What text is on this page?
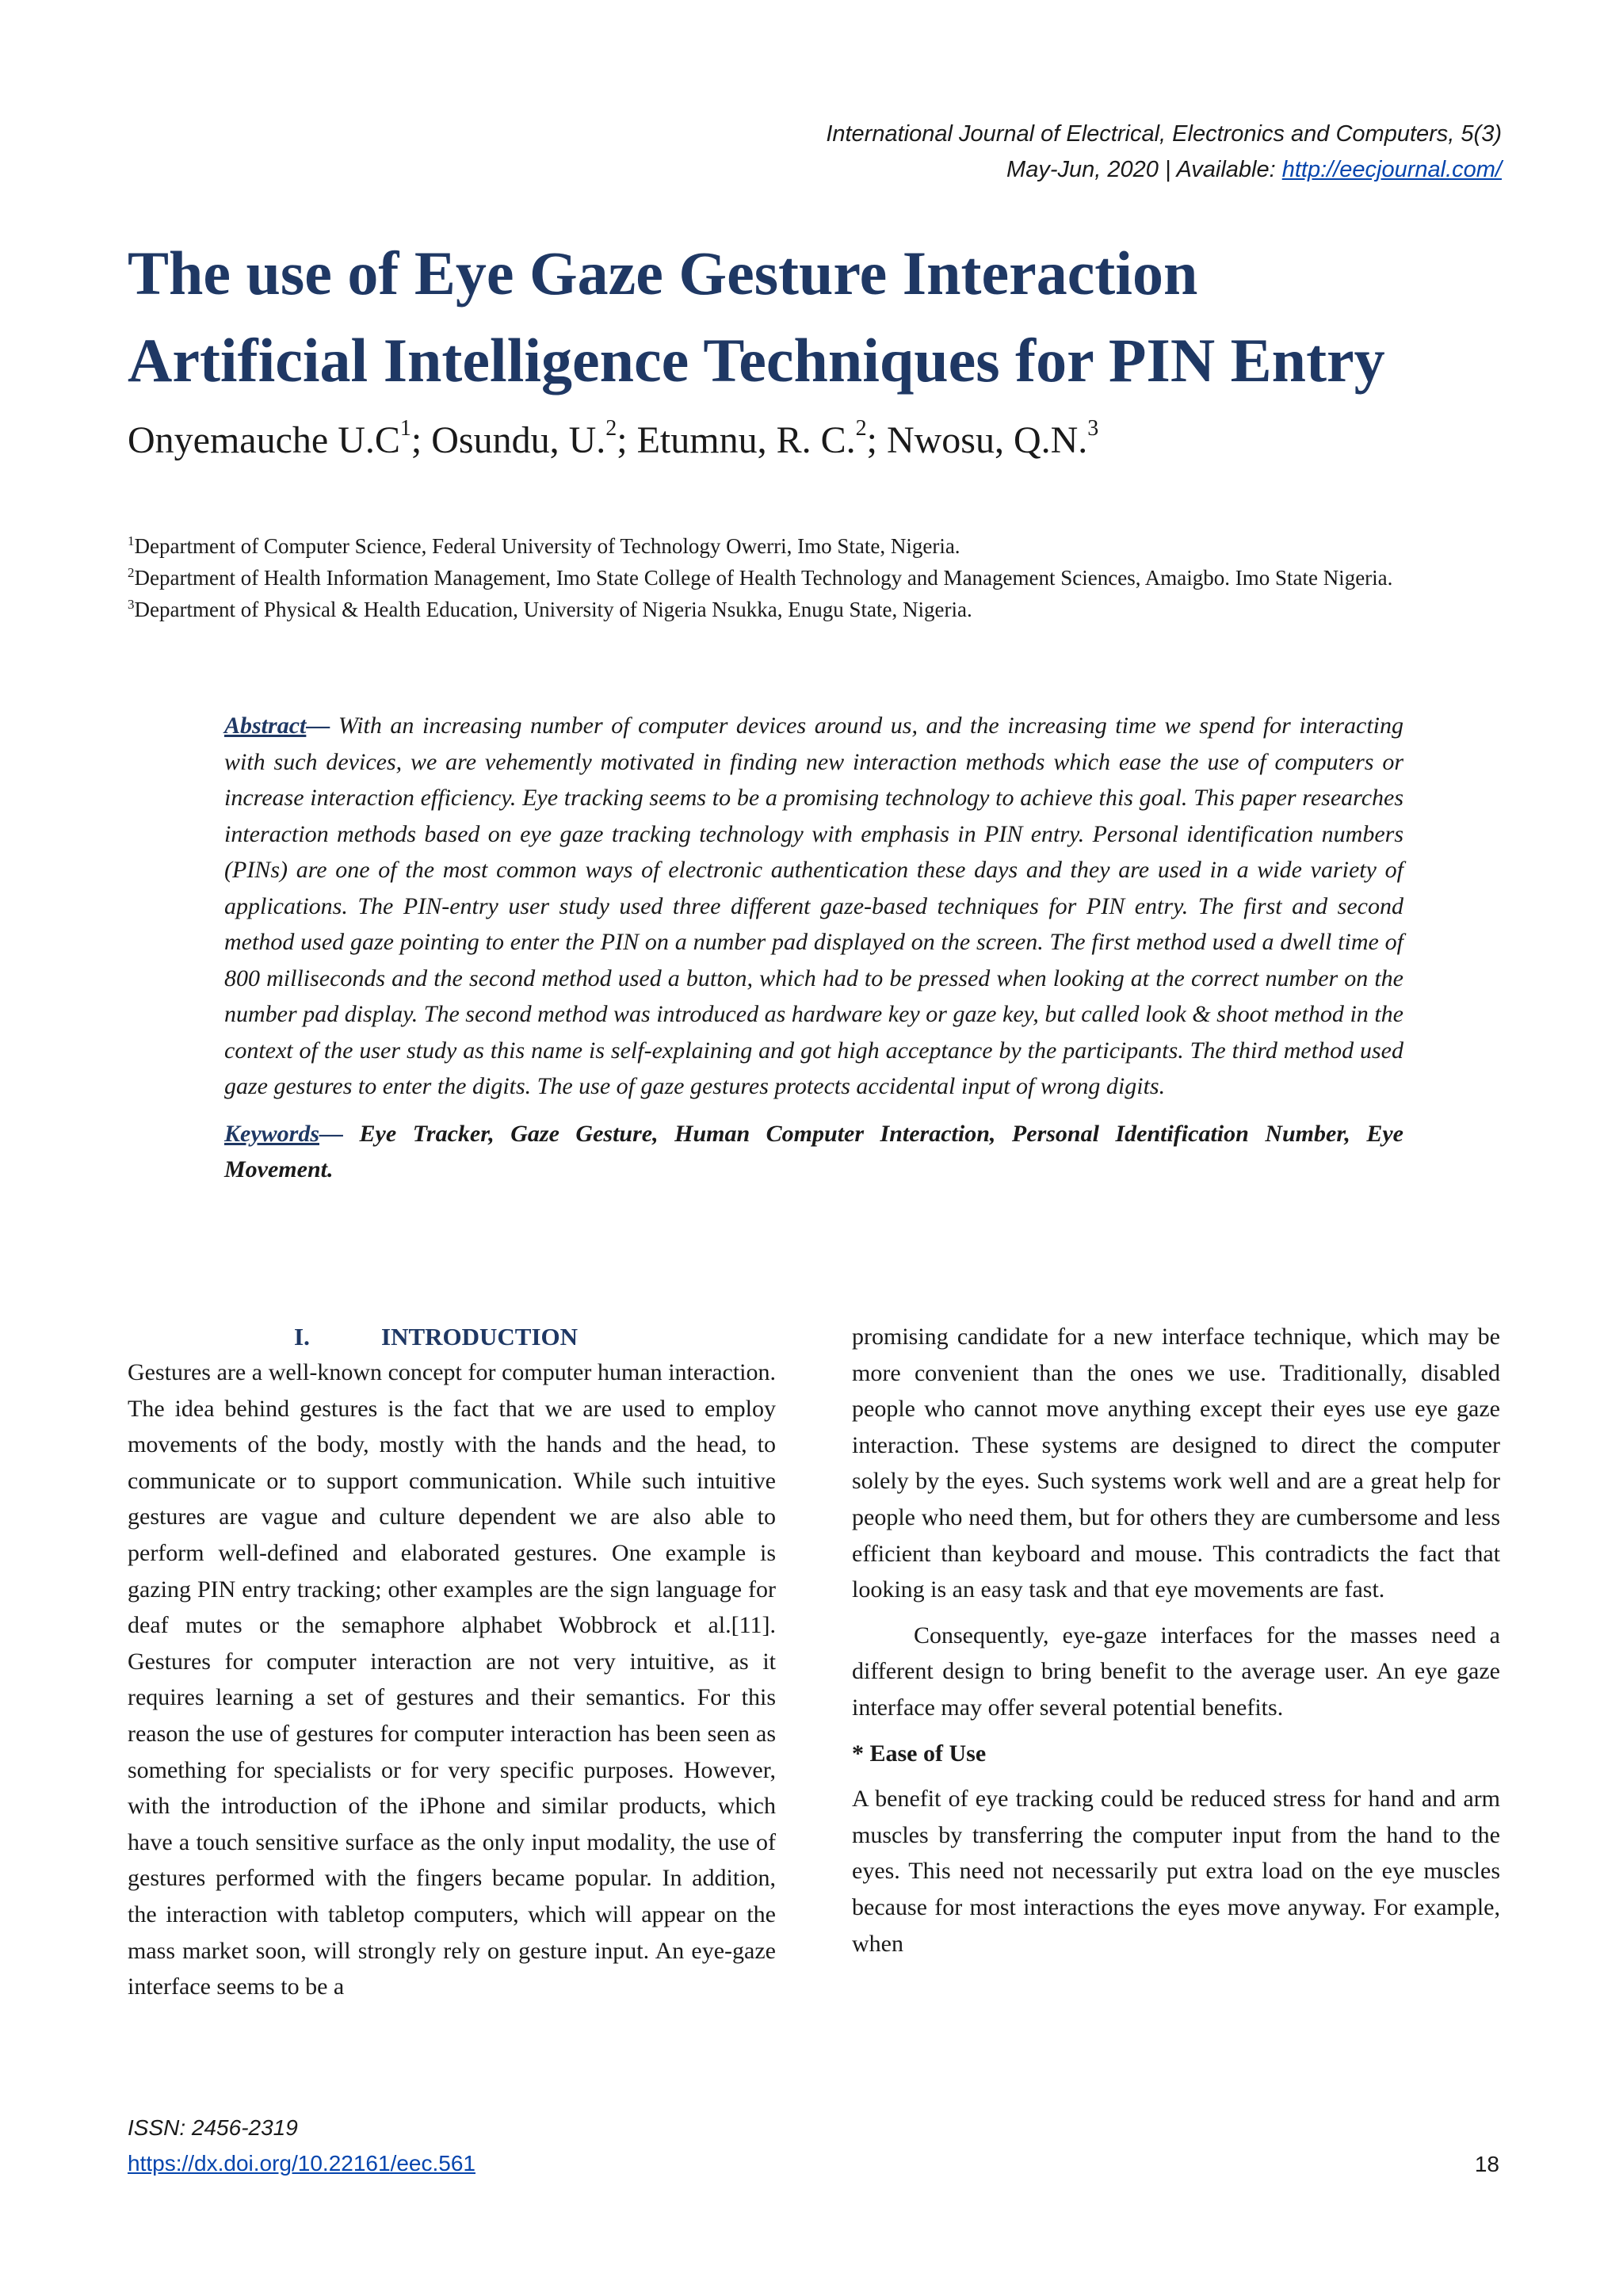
International Journal of Electrical, Electronics and Computers, 5(3)
May-Jun, 2020 | Available: http://eecjournal.com/
The use of Eye Gaze Gesture Interaction
Artificial Intelligence Techniques for PIN Entry
Onyemauche $U.C^1$; Osundu, U.$^2$; Etumnu, R. C.$^2$; Nwosu, Q.N.$^3$

$^1$Department of Computer Science, Federal University of Technology Owerri, Imo State, Nigeria.

$^2$Department of Health Information Management, Imo State College of Health Technology and Management Sciences, Amaigbo. Imo State Nigeria.

$^3$Department of Physical & Health Education, University of Nigeria Nsukka, Enugu State, Nigeria.

Abstract— With an increasing number of computer devices around us, and the increasing time we spend for interacting with such devices, we are vehemently motivated in finding new interaction methods which ease the use of computers or increase interaction efficiency. Eye tracking seems to be a promising technology to achieve this goal. This paper researches interaction methods based on eye gaze tracking technology with emphasis in PIN entry. Personal identification numbers (PINs) are one of the most common ways of electronic authentication these days and they are used in a wide variety of applications. The PIN-entry user study used three different gaze-based techniques for PIN entry. The first and second method used gaze pointing to enter the PIN on a number pad displayed on the screen. The first method used a dwell time of 800 milliseconds and the second method used a button, which had to be pressed when looking at the correct number on the number pad display. The second method was introduced as hardware key or gaze key, but called look & shoot method in the context of the user study as this name is self-explaining and got high acceptance by the participants. The third method used gaze gestures to enter the digits. The use of gaze gestures protects accidental input of wrong digits.

Keywords— Eye Tracker, Gaze Gesture, Human Computer Interaction, Personal Identification Number, Eye Movement.

I.	INTRODUCTION

Gestures are a well-known concept for computer human interaction. The idea behind gestures is the fact that we are used to employ movements of the body, mostly with the hands and the head, to communicate or to support communication. While such intuitive gestures are vague and culture dependent we are also able to perform well-defined and elaborated gestures. One example is gazing PIN entry tracking; other examples are the sign language for deaf mutes or the semaphore alphabet Wobbrock et al.[11]. Gestures for computer interaction are not very intuitive, as it requires learning a set of gestures and their semantics. For this reason the use of gestures for computer interaction has been seen as something for specialists or for very specific purposes. However, with the introduction of the iPhone and similar products, which have a touch sensitive surface as the only input modality, the use of gestures performed with the fingers became popular. In addition, the interaction with tabletop computers, which will appear on the mass market soon, will strongly rely on gesture input. An eye-gaze interface seems to be a

promising candidate for a new interface technique, which may be more convenient than the ones we use. Traditionally, disabled people who cannot move anything except their eyes use eye gaze interaction. These systems are designed to direct the computer solely by the eyes. Such systems work well and are a great help for people who need them, but for others they are cumbersome and less efficient than keyboard and mouse. This contradicts the fact that looking is an easy task and that eye movements are fast.

Consequently, eye-gaze interfaces for the masses need a different design to bring benefit to the average user. An eye gaze interface may offer several potential benefits.

* Ease of Use

A benefit of eye tracking could be reduced stress for hand and arm muscles by transferring the computer input from the hand to the eyes. This need not necessarily put extra load on the eye muscles because for most interactions the eyes move anyway. For example, when

ISSN: 2456-2319
https://dx.doi.org/10.22161/eec.561	18
